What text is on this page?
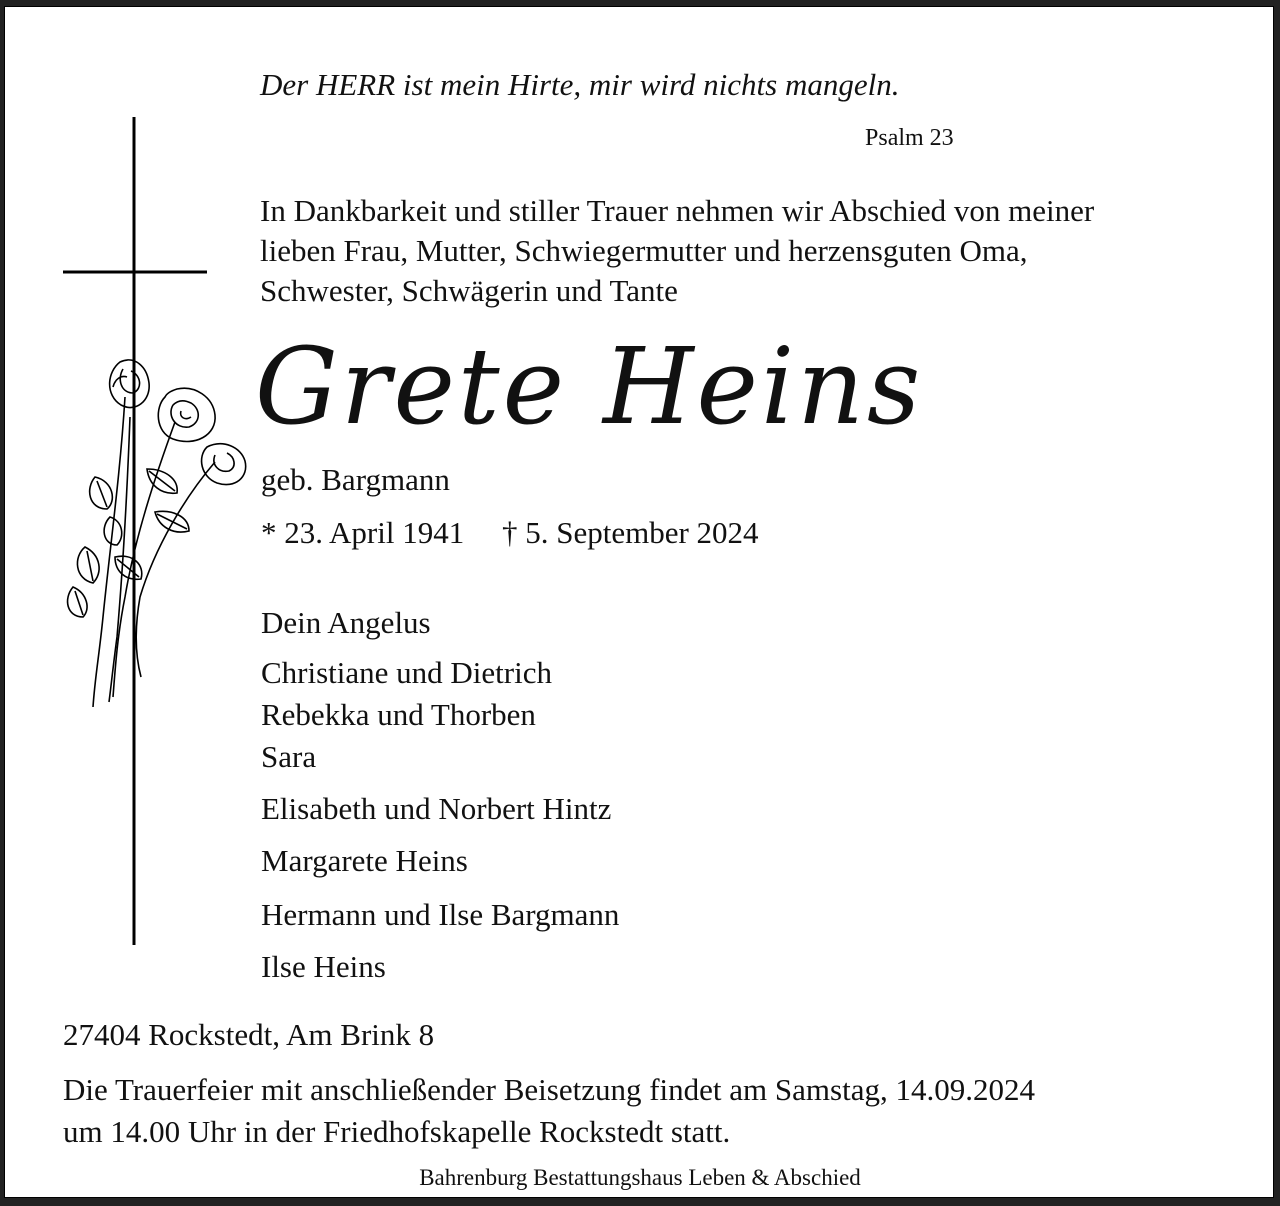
Der HERR ist mein Hirte, mir wird nichts mangeln.
Psalm 23
In Dankbarkeit und stiller Trauer nehmen wir Abschied von meiner
lieben Frau, Mutter, Schwiegermutter und herzensguten Oma,
Schwester, Schwägerin und Tante
Grete Heins
geb. Bargmann
* 23. April 1941 † 5. September 2024
Dein Angelus
Christiane und Dietrich
Rebekka und Thorben
Sara
Elisabeth und Norbert Hintz
Margarete Heins
Hermann und Ilse Bargmann
Ilse Heins
27404 Rockstedt, Am Brink 8
Die Trauerfeier mit anschließender Beisetzung findet am Samstag, 14.09.2024
um 14.00 Uhr in der Friedhofskapelle Rockstedt statt.
Bahrenburg Bestattungshaus Leben & Abschied
